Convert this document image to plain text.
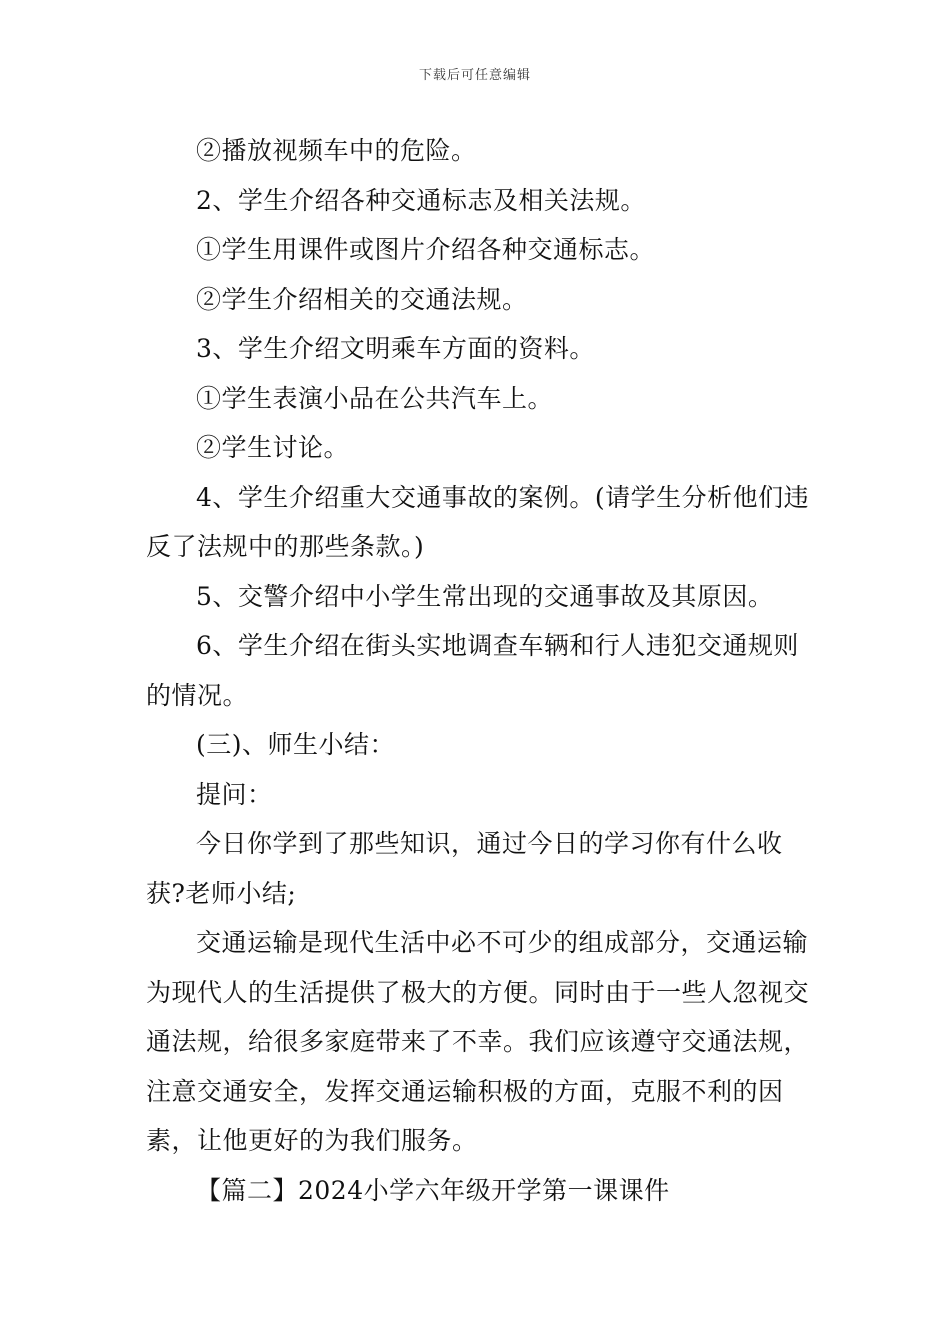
下载后可任意编辑

②播放视频车中的危险。

2、学生介绍各种交通标志及相关法规。

①学生用课件或图片介绍各种交通标志。

②学生介绍相关的交通法规。

3、学生介绍文明乘车方面的资料。

①学生表演小品在公共汽车上。

②学生讨论。

4、学生介绍重大交通事故的案例。(请学生分析他们违反了法规中的那些条款。)

5、交警介绍中小学生常出现的交通事故及其原因。

6、学生介绍在街头实地调查车辆和行人违犯交通规则的情况。

(三)、师生小结：

提问：

今日你学到了那些知识，通过今日的学习你有什么收获?老师小结;

交通运输是现代生活中必不可少的组成部分，交通运输为现代人的生活提供了极大的方便。同时由于一些人忽视交通法规，给很多家庭带来了不幸。我们应该遵守交通法规，注意交通安全，发挥交通运输积极的方面，克服不利的因素，让他更好的为我们服务。

【篇二】2024小学六年级开学第一课课件
